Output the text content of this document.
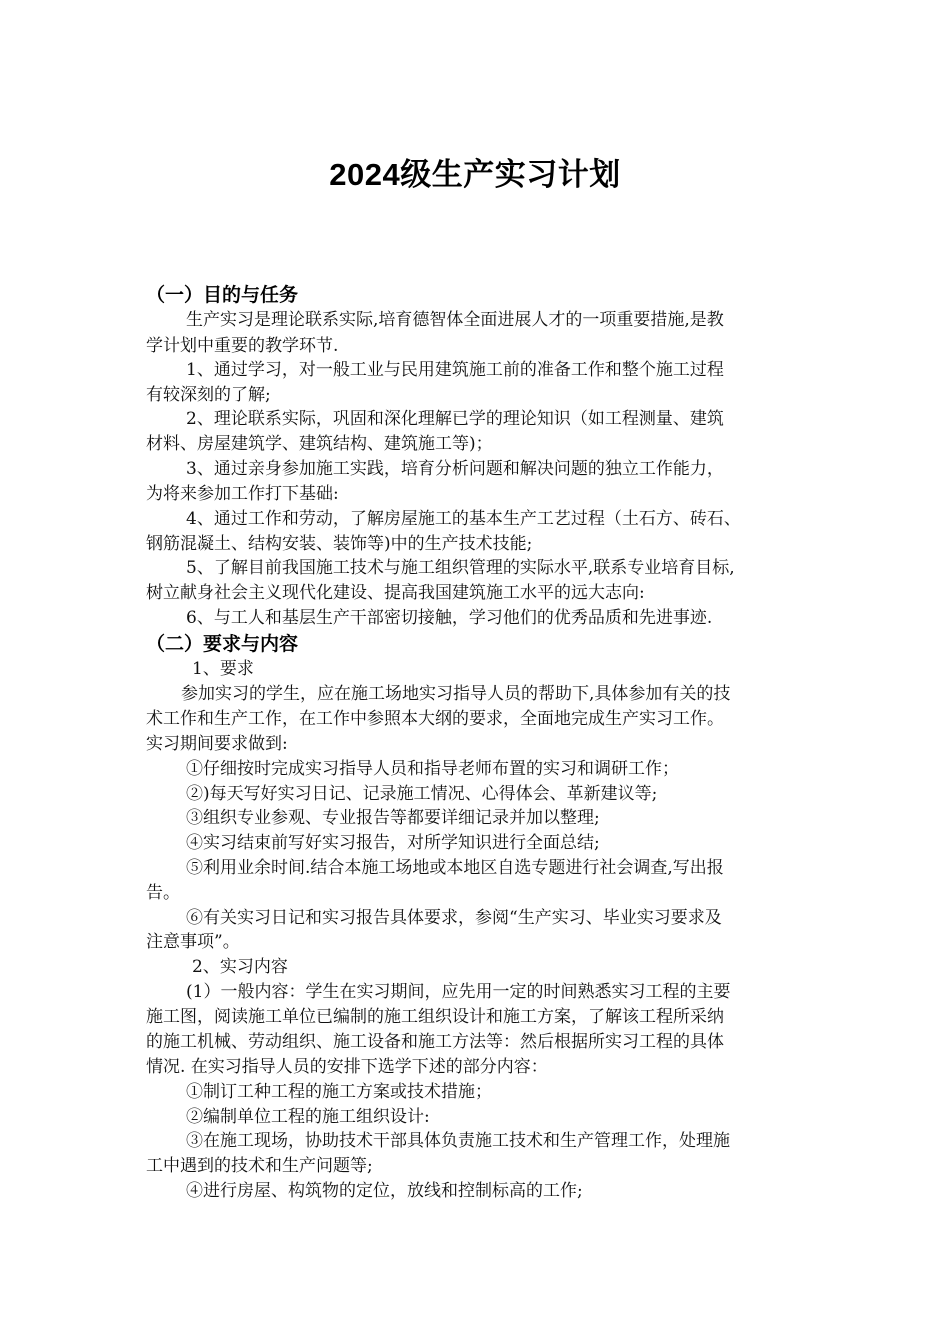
2024级生产实习计划
（一）目的与任务

生产实习是理论联系实际,培育德智体全面进展人才的一项重要措施,是教

学计划中重要的教学环节.

1、通过学习，对一般工业与民用建筑施工前的准备工作和整个施工过程

有较深刻的了解;

2、理论联系实际，巩固和深化理解已学的理论知识（如工程测量、建筑

材料、房屋建筑学、建筑结构、建筑施工等)；

3、通过亲身参加施工实践，培育分析问题和解决问题的独立工作能力，

为将来参加工作打下基础:

4、通过工作和劳动，了解房屋施工的基本生产工艺过程（土石方、砖石、

钢筋混凝土、结构安装、装饰等)中的生产技术技能;

5、了解目前我国施工技术与施工组织管理的实际水平,联系专业培育目标,

树立献身社会主义现代化建设、提高我国建筑施工水平的远大志向:

6、与工人和基层生产干部密切接触，学习他们的优秀品质和先进事迹.

（二）要求与内容

1、要求

参加实习的学生，应在施工场地实习指导人员的帮助下,具体参加有关的技

术工作和生产工作，在工作中参照本大纲的要求，全面地完成生产实习工作。

实习期间要求做到:

①仔细按时完成实习指导人员和指导老师布置的实习和调研工作；

②)每天写好实习日记、记录施工情况、心得体会、革新建议等;

③组织专业参观、专业报告等都要详细记录并加以整理;

④实习结束前写好实习报告，对所学知识进行全面总结;

⑤利用业余时间.结合本施工场地或本地区自选专题进行社会调查,写出报

告。

⑥有关实习日记和实习报告具体要求，参阅“生产实习、毕业实习要求及

注意事项”。

2、实习内容

(1）一般内容：学生在实习期间，应先用一定的时间熟悉实习工程的主要

施工图，阅读施工单位已编制的施工组织设计和施工方案，了解该工程所采纳

的施工机械、劳动组织、施工设备和施工方法等：然后根据所实习工程的具体

情况. 在实习指导人员的安排下选学下述的部分内容：

①制订工种工程的施工方案或技术措施；

②编制单位工程的施工组织设计:

③在施工现场，协助技术干部具体负责施工技术和生产管理工作，处理施

工中遇到的技术和生产问题等;

④进行房屋、构筑物的定位，放线和控制标高的工作;
